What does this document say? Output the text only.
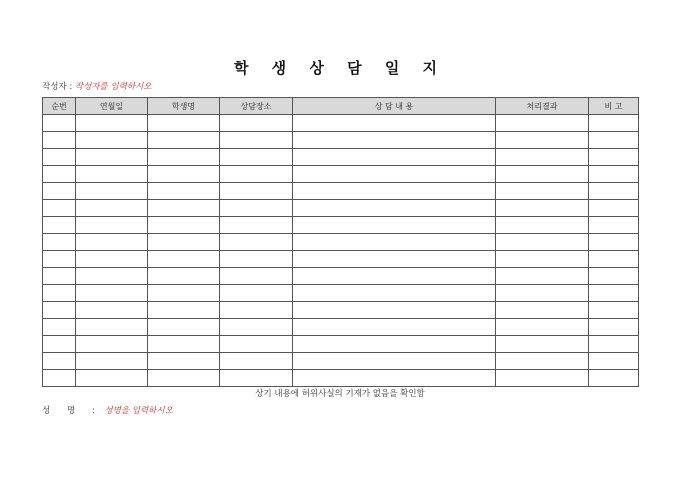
학 생 상 담 일 지
작성자 : 작성자를 입력하시오
순번	연월일	학생명	상담장소	상 담 내 용	처리결과	비 고

상기 내용에 허위사실의 기재가 없음을 확인함
성 명 : 성명을 입력하시오
